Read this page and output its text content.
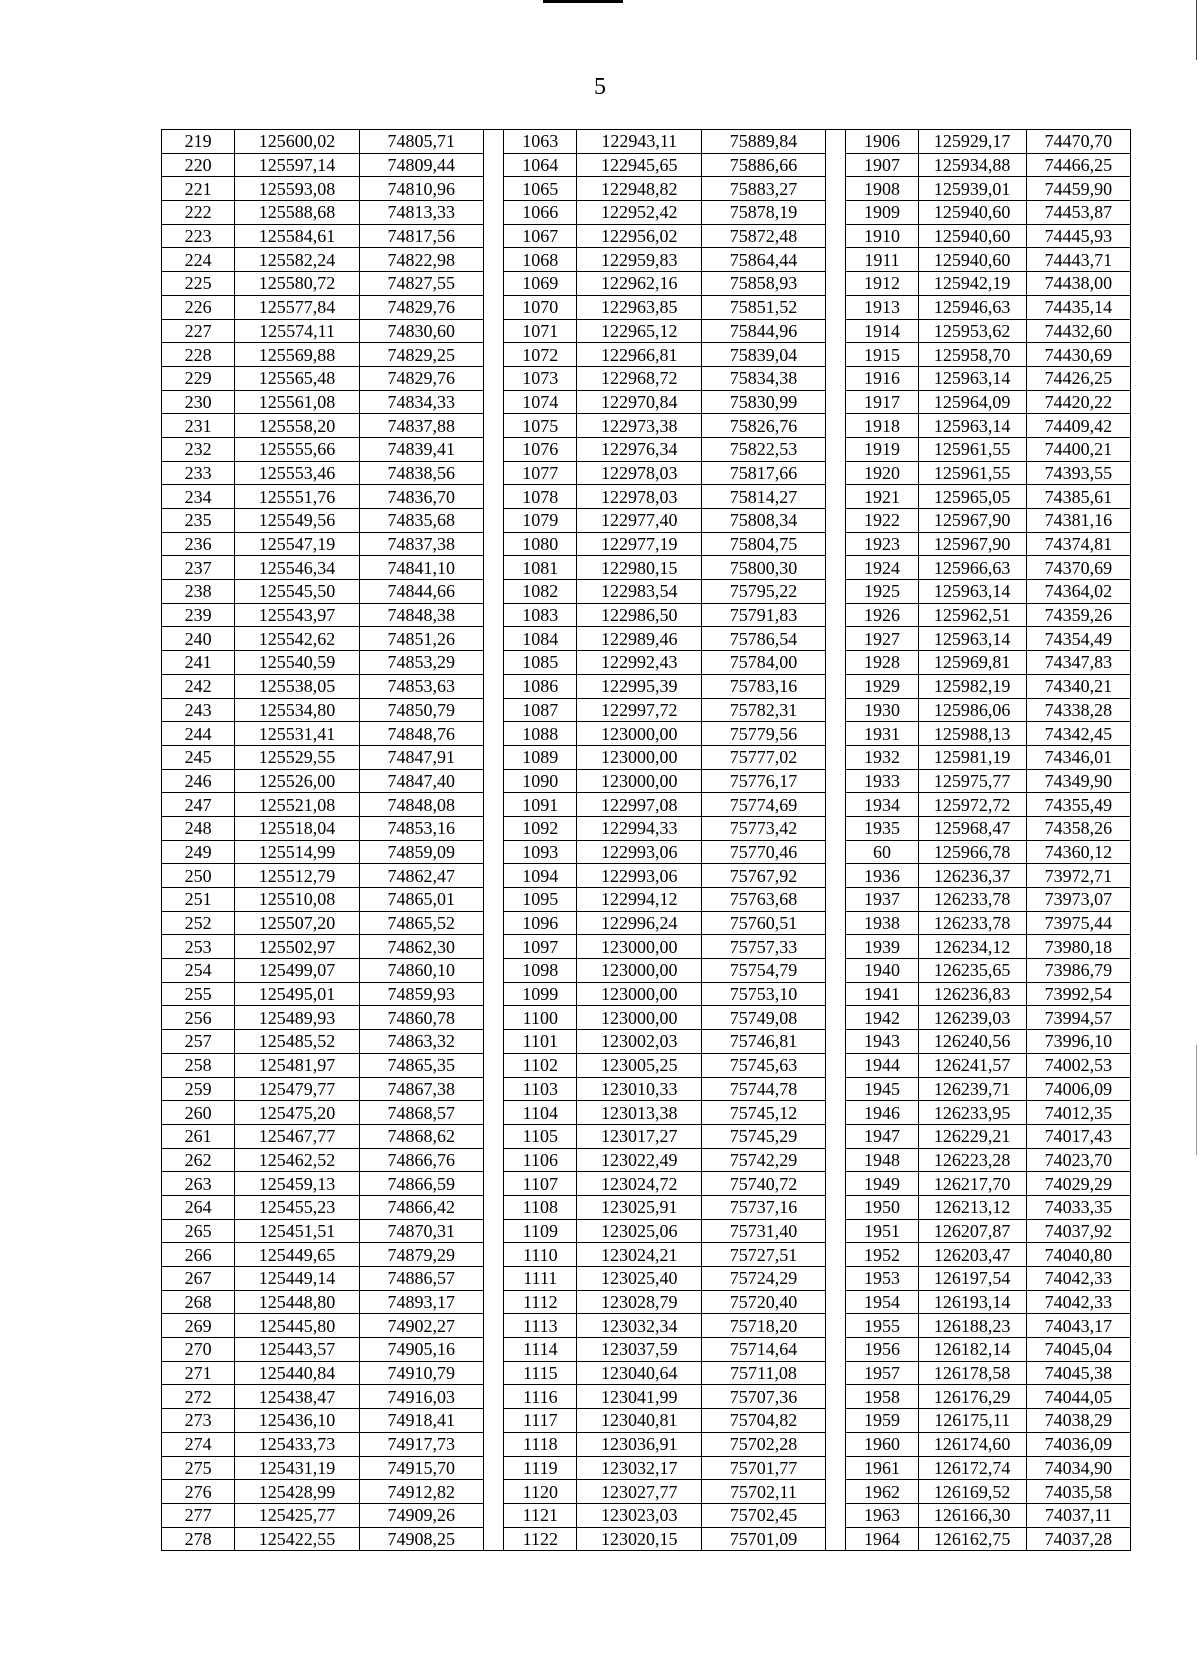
5
219	125600,02	74805,71		1063	122943,11	75889,84		1906	125929,17	74470,70
220	125597,14	74809,44		1064	122945,65	75886,66		1907	125934,88	74466,25
221	125593,08	74810,96		1065	122948,82	75883,27		1908	125939,01	74459,90
222	125588,68	74813,33		1066	122952,42	75878,19		1909	125940,60	74453,87
223	125584,61	74817,56		1067	122956,02	75872,48		1910	125940,60	74445,93
224	125582,24	74822,98		1068	122959,83	75864,44		1911	125940,60	74443,71
225	125580,72	74827,55		1069	122962,16	75858,93		1912	125942,19	74438,00
226	125577,84	74829,76		1070	122963,85	75851,52		1913	125946,63	74435,14
227	125574,11	74830,60		1071	122965,12	75844,96		1914	125953,62	74432,60
228	125569,88	74829,25		1072	122966,81	75839,04		1915	125958,70	74430,69
229	125565,48	74829,76		1073	122968,72	75834,38		1916	125963,14	74426,25
230	125561,08	74834,33		1074	122970,84	75830,99		1917	125964,09	74420,22
231	125558,20	74837,88		1075	122973,38	75826,76		1918	125963,14	74409,42
232	125555,66	74839,41		1076	122976,34	75822,53		1919	125961,55	74400,21
233	125553,46	74838,56		1077	122978,03	75817,66		1920	125961,55	74393,55
234	125551,76	74836,70		1078	122978,03	75814,27		1921	125965,05	74385,61
235	125549,56	74835,68		1079	122977,40	75808,34		1922	125967,90	74381,16
236	125547,19	74837,38		1080	122977,19	75804,75		1923	125967,90	74374,81
237	125546,34	74841,10		1081	122980,15	75800,30		1924	125966,63	74370,69
238	125545,50	74844,66		1082	122983,54	75795,22		1925	125963,14	74364,02
239	125543,97	74848,38		1083	122986,50	75791,83		1926	125962,51	74359,26
240	125542,62	74851,26		1084	122989,46	75786,54		1927	125963,14	74354,49
241	125540,59	74853,29		1085	122992,43	75784,00		1928	125969,81	74347,83
242	125538,05	74853,63		1086	122995,39	75783,16		1929	125982,19	74340,21
243	125534,80	74850,79		1087	122997,72	75782,31		1930	125986,06	74338,28
244	125531,41	74848,76		1088	123000,00	75779,56		1931	125988,13	74342,45
245	125529,55	74847,91		1089	123000,00	75777,02		1932	125981,19	74346,01
246	125526,00	74847,40		1090	123000,00	75776,17		1933	125975,77	74349,90
247	125521,08	74848,08		1091	122997,08	75774,69		1934	125972,72	74355,49
248	125518,04	74853,16		1092	122994,33	75773,42		1935	125968,47	74358,26
249	125514,99	74859,09		1093	122993,06	75770,46		60	125966,78	74360,12
250	125512,79	74862,47		1094	122993,06	75767,92		1936	126236,37	73972,71
251	125510,08	74865,01		1095	122994,12	75763,68		1937	126233,78	73973,07
252	125507,20	74865,52		1096	122996,24	75760,51		1938	126233,78	73975,44
253	125502,97	74862,30		1097	123000,00	75757,33		1939	126234,12	73980,18
254	125499,07	74860,10		1098	123000,00	75754,79		1940	126235,65	73986,79
255	125495,01	74859,93		1099	123000,00	75753,10		1941	126236,83	73992,54
256	125489,93	74860,78		1100	123000,00	75749,08		1942	126239,03	73994,57
257	125485,52	74863,32		1101	123002,03	75746,81		1943	126240,56	73996,10
258	125481,97	74865,35		1102	123005,25	75745,63		1944	126241,57	74002,53
259	125479,77	74867,38		1103	123010,33	75744,78		1945	126239,71	74006,09
260	125475,20	74868,57		1104	123013,38	75745,12		1946	126233,95	74012,35
261	125467,77	74868,62		1105	123017,27	75745,29		1947	126229,21	74017,43
262	125462,52	74866,76		1106	123022,49	75742,29		1948	126223,28	74023,70
263	125459,13	74866,59		1107	123024,72	75740,72		1949	126217,70	74029,29
264	125455,23	74866,42		1108	123025,91	75737,16		1950	126213,12	74033,35
265	125451,51	74870,31		1109	123025,06	75731,40		1951	126207,87	74037,92
266	125449,65	74879,29		1110	123024,21	75727,51		1952	126203,47	74040,80
267	125449,14	74886,57		1111	123025,40	75724,29		1953	126197,54	74042,33
268	125448,80	74893,17		1112	123028,79	75720,40		1954	126193,14	74042,33
269	125445,80	74902,27		1113	123032,34	75718,20		1955	126188,23	74043,17
270	125443,57	74905,16		1114	123037,59	75714,64		1956	126182,14	74045,04
271	125440,84	74910,79		1115	123040,64	75711,08		1957	126178,58	74045,38
272	125438,47	74916,03		1116	123041,99	75707,36		1958	126176,29	74044,05
273	125436,10	74918,41		1117	123040,81	75704,82		1959	126175,11	74038,29
274	125433,73	74917,73		1118	123036,91	75702,28		1960	126174,60	74036,09
275	125431,19	74915,70		1119	123032,17	75701,77		1961	126172,74	74034,90
276	125428,99	74912,82		1120	123027,77	75702,11		1962	126169,52	74035,58
277	125425,77	74909,26		1121	123023,03	75702,45		1963	126166,30	74037,11
278	125422,55	74908,25		1122	123020,15	75701,09		1964	126162,75	74037,28
